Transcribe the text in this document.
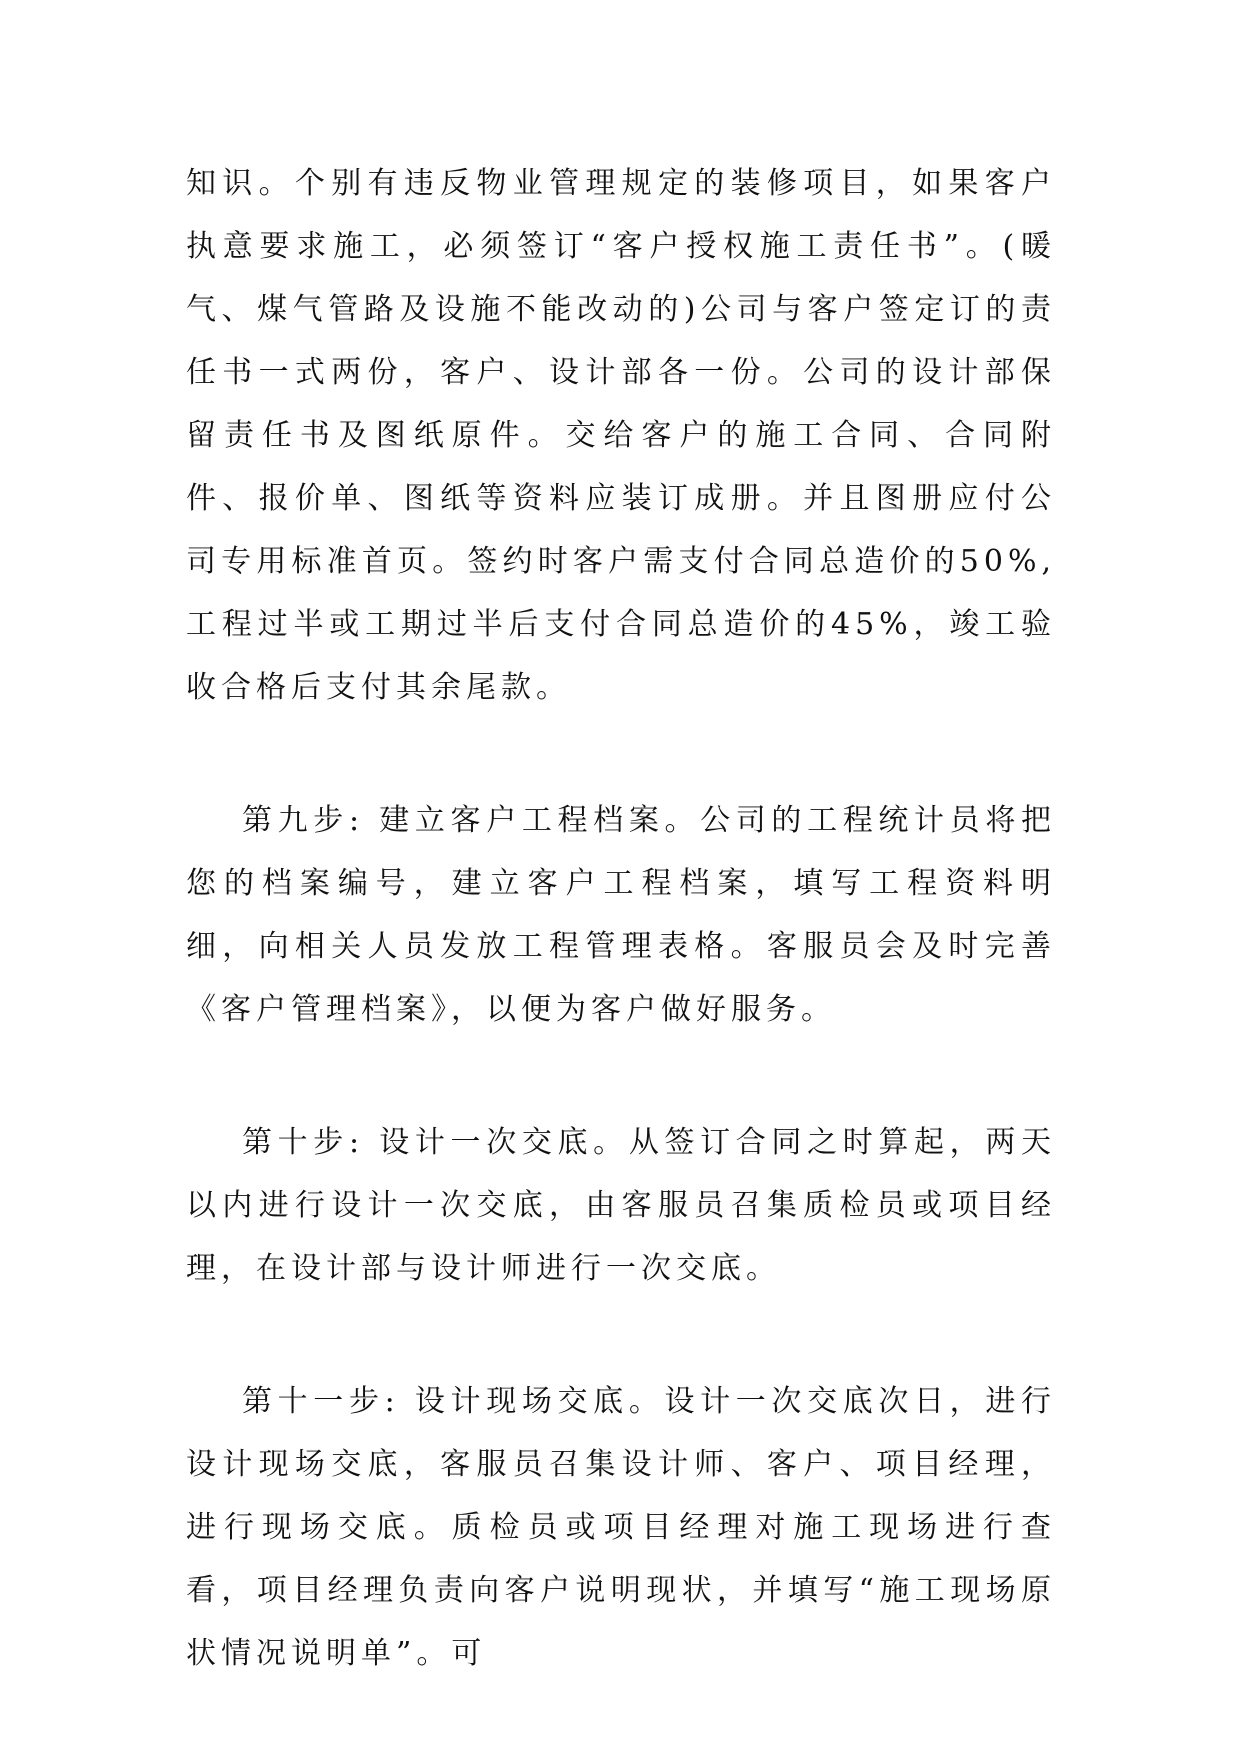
知识。个别有违反物业管理规定的装修项目，如果客户执意要求施工，必须签订“客户授权施工责任书”。(暖气、煤气管路及设施不能改动的)公司与客户签定订的责任书一式两份，客户、设计部各一份。公司的设计部保留责任书及图纸原件。交给客户的施工合同、合同附件、报价单、图纸等资料应装订成册。并且图册应付公司专用标准首页。签约时客户需支付合同总造价的50%,工程过半或工期过半后支付合同总造价的45%，竣工验收合格后支付其余尾款。

第九步: 建立客户工程档案。公司的工程统计员将把您的档案编号，建立客户工程档案，填写工程资料明细，向相关人员发放工程管理表格。客服员会及时完善《客户管理档案》，以便为客户做好服务。

第十步: 设计一次交底。从签订合同之时算起，两天以内进行设计一次交底，由客服员召集质检员或项目经理，在设计部与设计师进行一次交底。

第十一步: 设计现场交底。设计一次交底次日，进行设计现场交底，客服员召集设计师、客户、项目经理，进行现场交底。质检员或项目经理对施工现场进行查看，项目经理负责向客户说明现状，并填写“施工现场原状情况说明单”。可
